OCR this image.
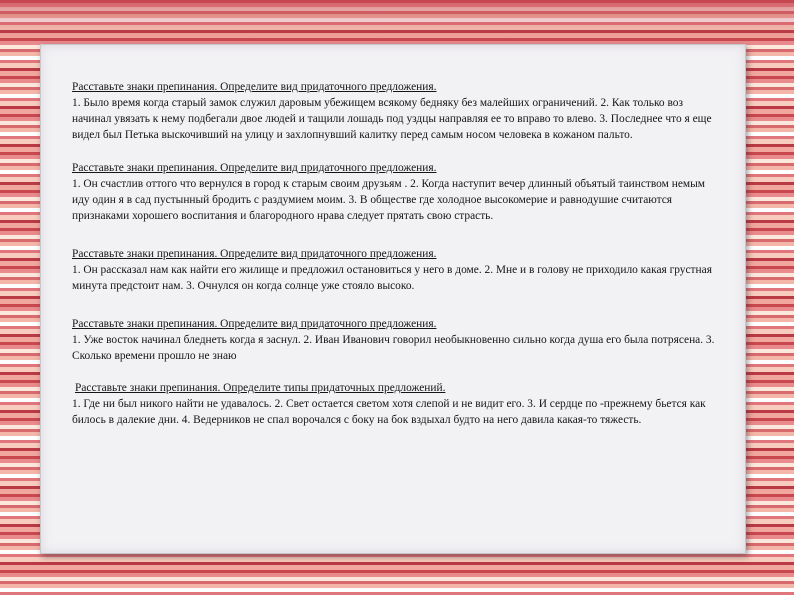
Расставьте знаки препинания. Определите вид придаточного предложения.
1. Было время когда старый замок служил даровым убежищем всякому бедняку без малейших ограничений. 2. Как только воз начинал увязать к нему подбегали двое людей и тащили лошадь под уздцы направляя ее то вправо то влево. 3. Последнее что я еще видел был Петька выскочивший на улицу и захлопнувший калитку перед самым носом человека в кожаном пальто.
Расставьте знаки препинания. Определите вид придаточного предложения.
1. Он счастлив оттого что вернулся в город к старым своим друзьям . 2. Когда наступит вечер длинный объятый таинством немым иду один я в сад пустынный бродить с раздумием моим. 3. В обществе где холодное высокомерие и равнодушие считаются признаками хорошего воспитания и благородного нрава следует прятать свою страсть.
Расставьте знаки препинания. Определите вид придаточного предложения.
1. Он рассказал нам как найти его жилище и предложил остановиться у него в доме. 2. Мне и в голову не приходило какая грустная минута предстоит нам. 3. Очнулся он когда солнце уже стояло высоко.
Расставьте знаки препинания. Определите вид придаточного предложения.
1. Уже восток начинал бледнеть когда я заснул. 2. Иван Иванович говорил необыкновенно сильно когда душа его была потрясена. 3. Сколько времени прошло не знаю
Расставьте знаки препинания. Определите типы придаточных предложений.
1. Где ни был никого найти не удавалось. 2. Свет остается светом хотя слепой и не видит его. 3. И сердце по -прежнему бьется как билось в далекие дни. 4. Ведерников не спал ворочался с боку на бок вздыхал будто на него давила какая-то тяжесть.
